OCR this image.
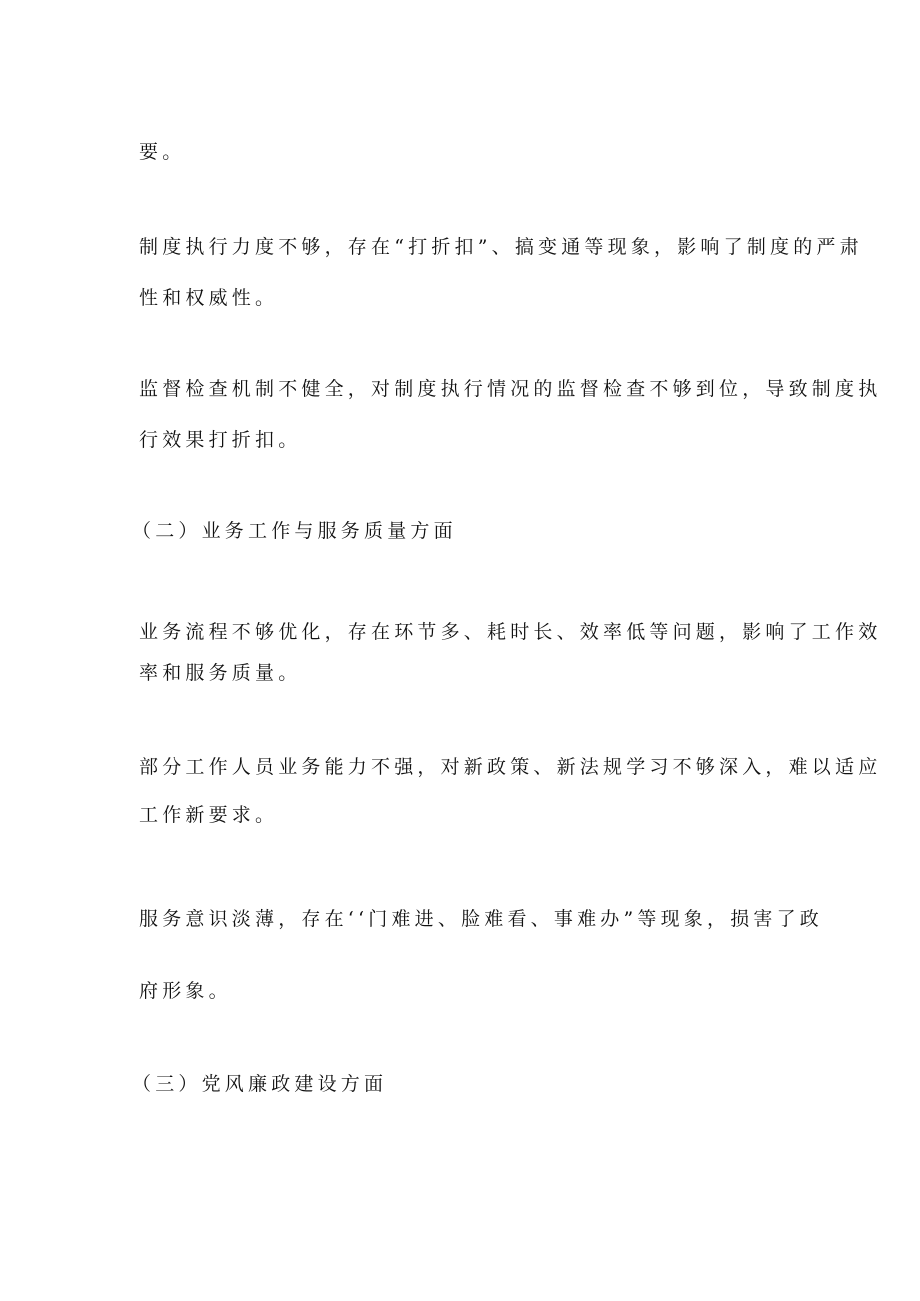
要。

制度执行力度不够，存在“打折扣”、搞变通等现象，影响了制度的严肃

性和权威性。

监督检查机制不健全，对制度执行情况的监督检查不够到位，导致制度执

行效果打折扣。

（二）业务工作与服务质量方面

业务流程不够优化，存在环节多、耗时长、效率低等问题，影响了工作效

率和服务质量。

部分工作人员业务能力不强，对新政策、新法规学习不够深入，难以适应

工作新要求。

服务意识淡薄，存在‘‘门难进、脸难看、事难办”等现象，损害了政

府形象。

（三）党风廉政建设方面
